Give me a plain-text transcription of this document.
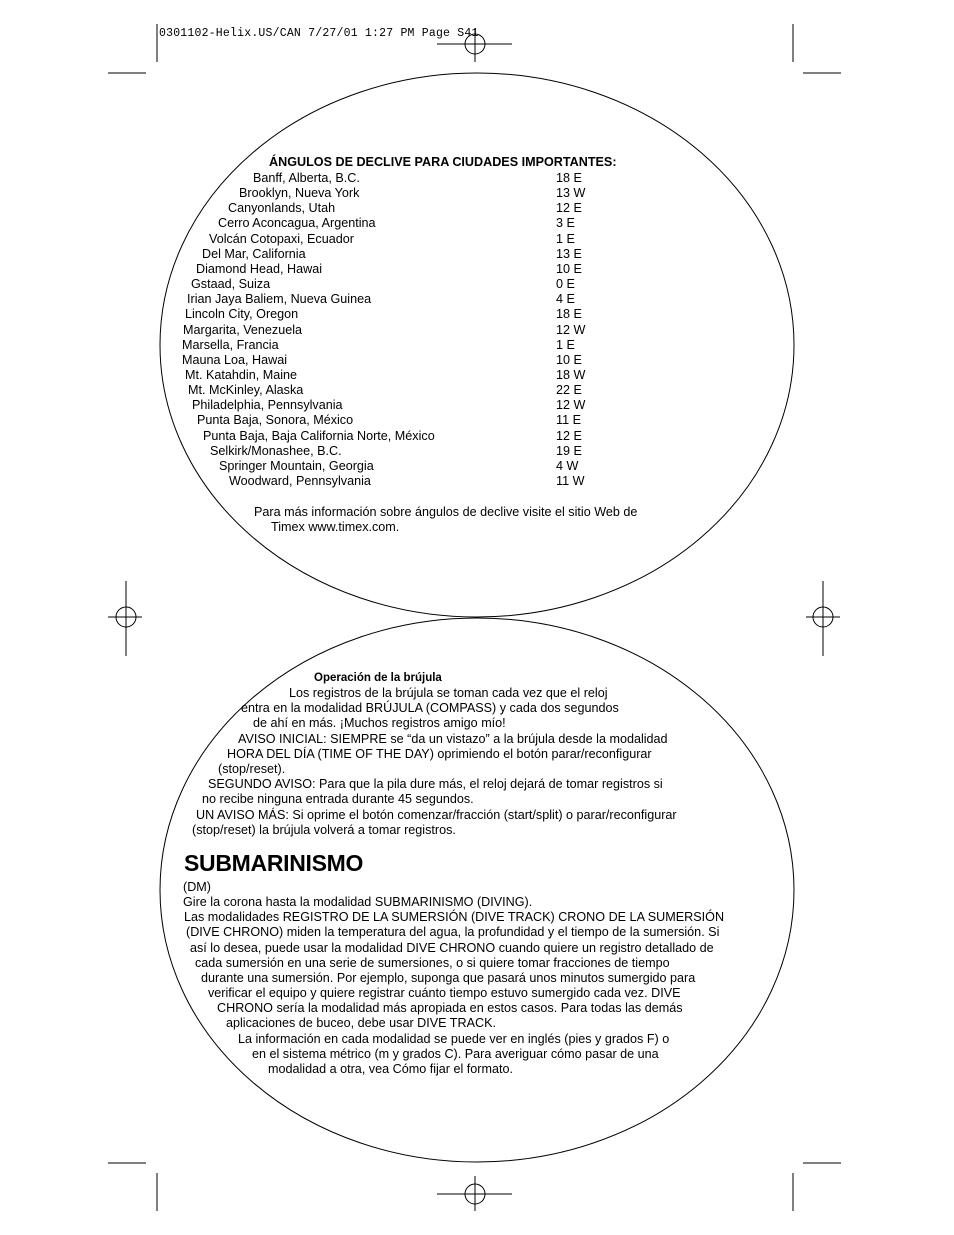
0301102-Helix.US/CAN 7/27/01 1:27 PM Page S41
ÁNGULOS DE DECLIVE PARA CIUDADES IMPORTANTES:
Banff, Alberta, B.C.	18 E
Brooklyn, Nueva York	13 W
Canyonlands, Utah	12 E
Cerro Aconcagua, Argentina	3 E
Volcán Cotopaxi, Ecuador	1 E
Del Mar, California	13 E
Diamond Head, Hawai	10 E
Gstaad, Suiza	0 E
Irian Jaya Baliem, Nueva Guinea	4 E
Lincoln City, Oregon	18 E
Margarita, Venezuela	12 W
Marsella, Francia	1 E
Mauna Loa, Hawai	10 E
Mt. Katahdin, Maine	18 W
Mt. McKinley, Alaska	22 E
Philadelphia, Pennsylvania	12 W
Punta Baja, Sonora, México	11 E
Punta Baja, Baja Cаlifornia Norte, México	12 E
Selkirk/Monashee, B.C.	19 E
Springer Mountain, Georgia	4 W
Woodward, Pennsylvania	11 W
Para más información sobre ángulos de declive visite el sitio Web de
Timex www.timex.com.
Operación de la brújula
Los registros de la brújula se toman cada vez que el reloj
entra en la modalidad BRÚJULA (COMPASS) y cada dos segundos
de ahí en más. ¡Muchos registros amigo mío!
AVISO INICIAL: SIEMPRE se “da un vistazo” a la brújula desde la modalidad
HORA DEL DÍA (TIME OF THE DAY) oprimiendo el botón parar/reconfigurar
(stop/reset).
SEGUNDO AVISO: Para que la pila dure más, el reloj dejará de tomar registros si
no recibe ninguna entrada durante 45 segundos.
UN AVISO MÁS: Si oprime el botón comenzar/fracción (start/split) o parar/reconfigurar
(stop/reset) la brújula volverá a tomar registros.
SUBMARINISMO
(DM)
Gire la corona hasta la modalidad SUBMARINISMO (DIVING).
Las modalidades REGISTRO DE LA SUMERSIÓN (DIVE TRACK) CRONO DE LA SUMERSIÓN
(DIVE CHRONO) miden la temperatura del agua, la profundidad y el tiempo de la sumersión. Si
así lo desea, puede usar la modalidad DIVE CHRONO cuando quiere un registro detallado de
cada sumersión en una serie de sumersiones, o si quiere tomar fracciones de tiempo
durante una sumersión. Por ejemplo, suponga que pasará unos minutos sumergido para
verificar el equipo y quiere registrar cuánto tiempo estuvo sumergido cada vez. DIVE
CHRONO sería la modalidad más apropiada en estos casos. Para todas las demás
aplicaciones de buceo, debe usar DIVE TRACK.
La información en cada modalidad se puede ver en inglés (pies y grados F) o
en el sistema métrico (m y grados C). Para averiguar cómo pasar de una
modalidad a otra, vea Cómo fijar el formato.
